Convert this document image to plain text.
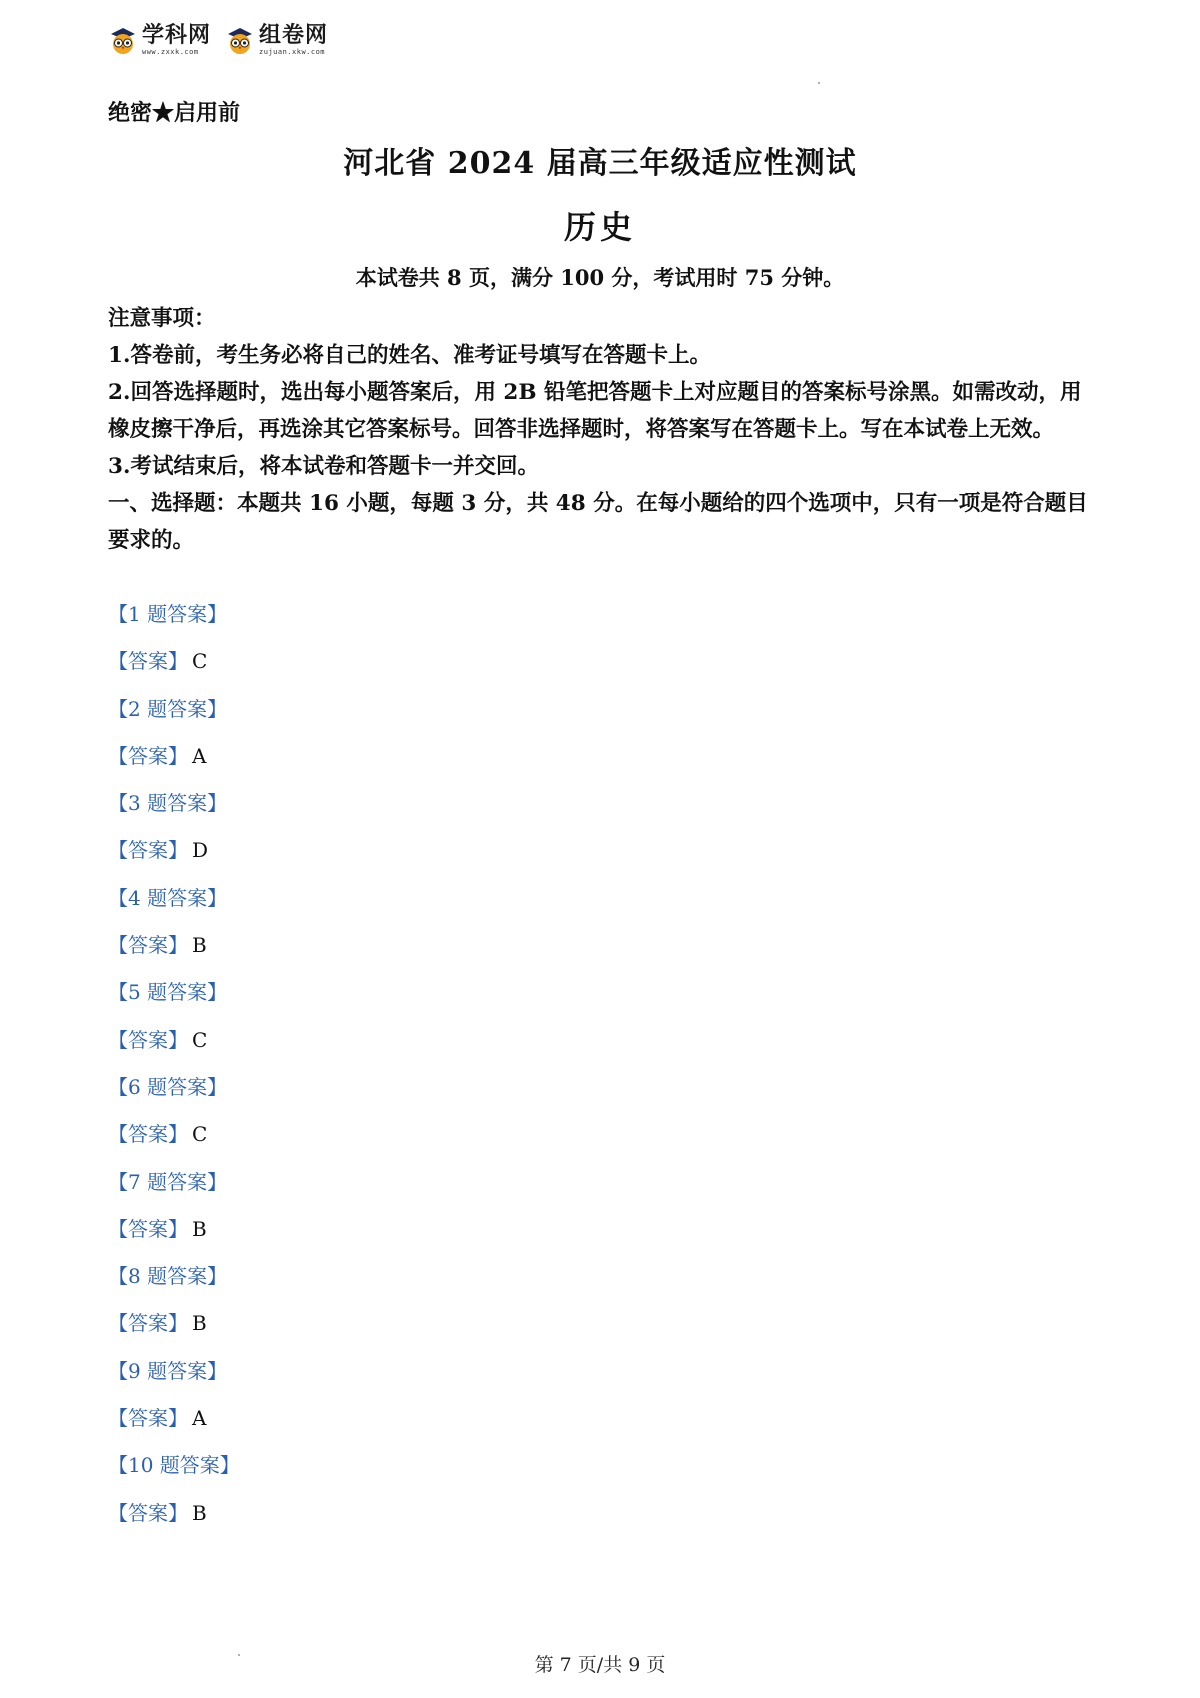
学科网
www.zxxk.com
组卷网
zujuan.xkw.com
绝密★启用前
河北省 2024 届高三年级适应性测试
历史
本试卷共 8 页，满分 100 分，考试用时 75 分钟。

注意事项：

1.答卷前，考生务必将自己的姓名、准考证号填写在答题卡上。

2.回答选择题时，选出每小题答案后，用 2B 铅笔把答题卡上对应题目的答案标号涂黑。如需改动，用橡皮擦干净后，再选涂其它答案标号。回答非选择题时，将答案写在答题卡上。写在本试卷上无效。

3.考试结束后，将本试卷和答题卡一并交回。

一、选择题：本题共 16 小题，每题 3 分，共 48 分。在每小题给的四个选项中，只有一项是符合题目要求的。

【1 题答案】
【答案】 C
【2 题答案】
【答案】 A
【3 题答案】
【答案】 D
【4 题答案】
【答案】 B
【5 题答案】
【答案】 C
【6 题答案】
【答案】 C
【7 题答案】
【答案】 B
【8 题答案】
【答案】 B
【9 题答案】
【答案】 A
【10 题答案】
【答案】 B
第 7 页/共 9 页
